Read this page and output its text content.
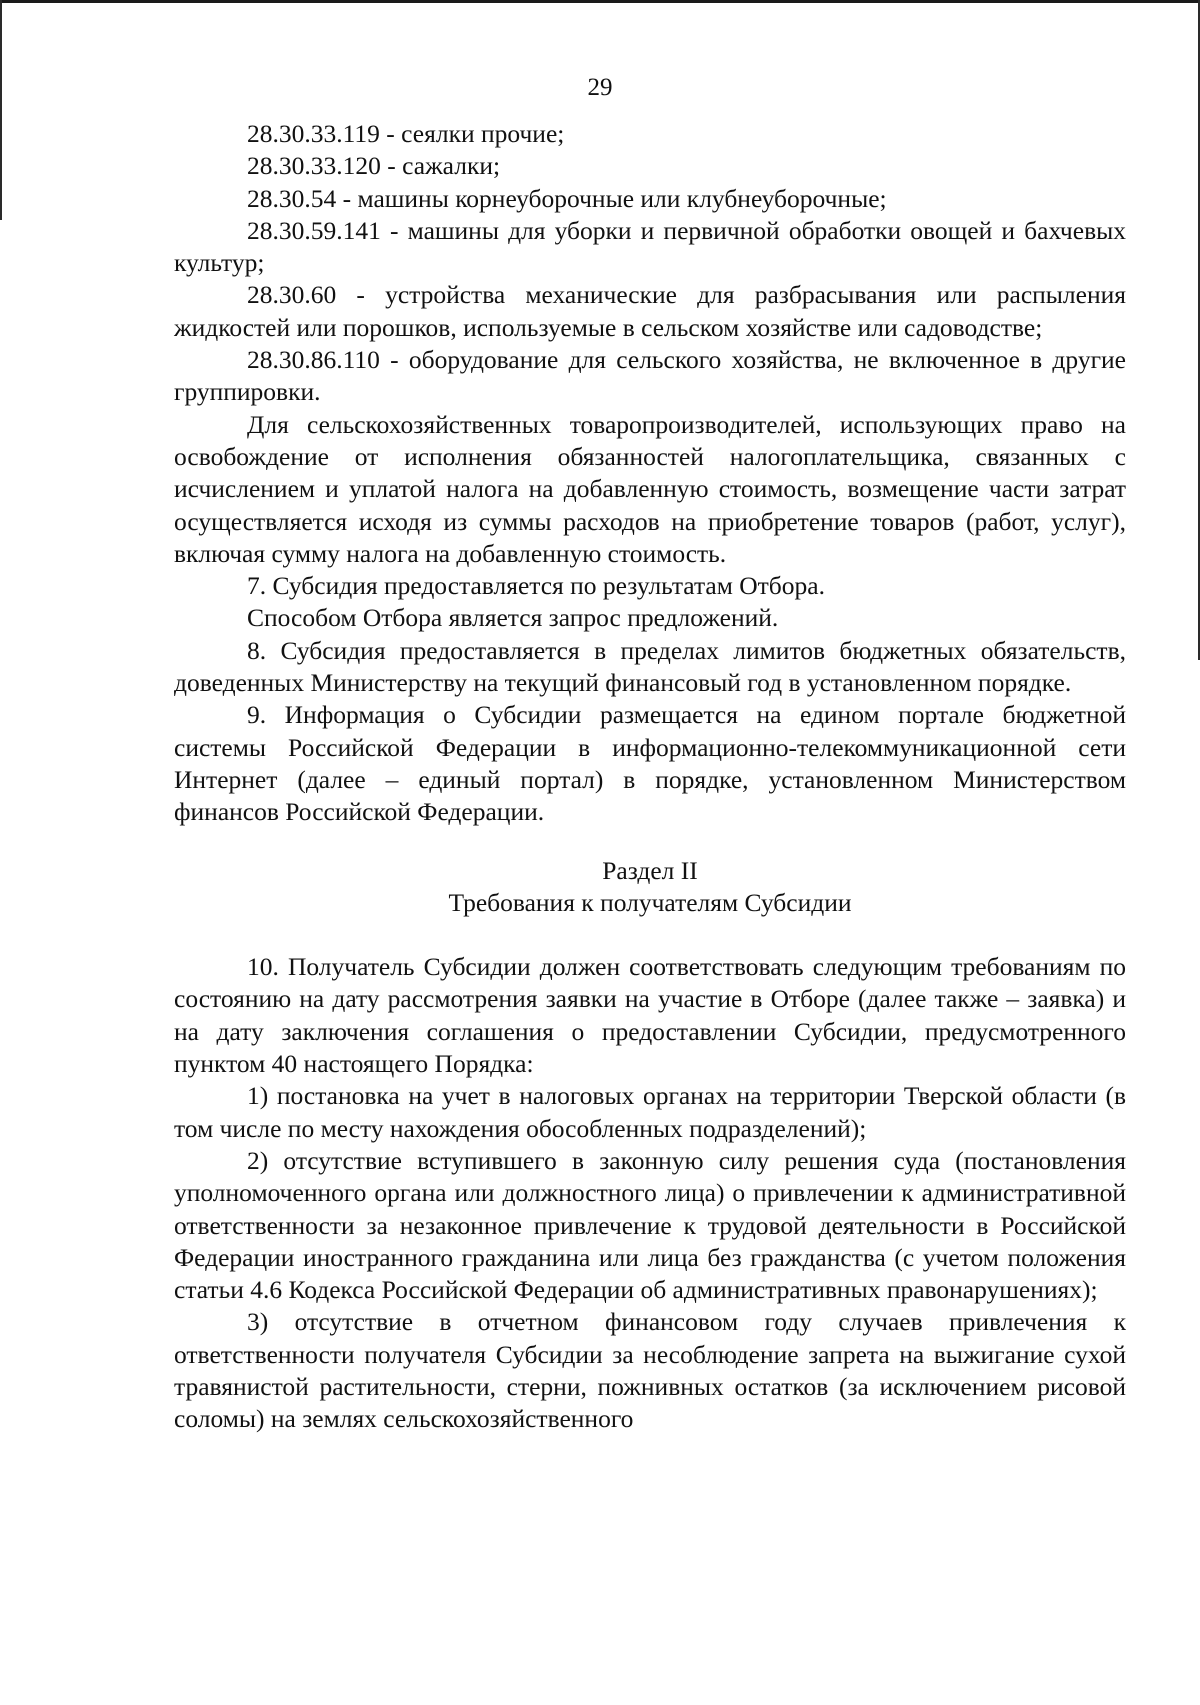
29

28.30.33.119 - сеялки прочие;

28.30.33.120 - сажалки;

28.30.54 - машины корнеуборочные или клубнеуборочные;

28.30.59.141 - машины для уборки и первичной обработки овощей и бахчевых культур;

28.30.60 - устройства механические для разбрасывания или распыления жидкостей или порошков, используемые в сельском хозяйстве или садоводстве;

28.30.86.110 - оборудование для сельского хозяйства, не включенное в другие группировки.

Для сельскохозяйственных товаропроизводителей, использующих право на освобождение от исполнения обязанностей налогоплательщика, связанных с исчислением и уплатой налога на добавленную стоимость, возмещение части затрат осуществляется исходя из суммы расходов на приобретение товаров (работ, услуг), включая сумму налога на добавленную стоимость.

7. Субсидия предоставляется по результатам Отбора.

Способом Отбора является запрос предложений.

8. Субсидия предоставляется в пределах лимитов бюджетных обязательств, доведенных Министерству на текущий финансовый год в установленном порядке.

9. Информация о Субсидии размещается на едином портале бюджетной системы Российской Федерации в информационно-телекоммуникационной сети Интернет (далее – единый портал) в порядке, установленном Министерством финансов Российской Федерации.

Раздел II

Требования к получателям Субсидии

10. Получатель Субсидии должен соответствовать следующим требованиям по состоянию на дату рассмотрения заявки на участие в Отборе (далее также – заявка) и на дату заключения соглашения о предоставлении Субсидии, предусмотренного пунктом 40 настоящего Порядка:

1) постановка на учет в налоговых органах на территории Тверской области (в том числе по месту нахождения обособленных подразделений);

2) отсутствие вступившего в законную силу решения суда (постановления уполномоченного органа или должностного лица) о привлечении к административной ответственности за незаконное привлечение к трудовой деятельности в Российской Федерации иностранного гражданина или лица без гражданства (с учетом положения статьи 4.6 Кодекса Российской Федерации об административных правонарушениях);

3) отсутствие в отчетном финансовом году случаев привлечения к ответственности получателя Субсидии за несоблюдение запрета на выжигание сухой травянистой растительности, стерни, пожнивных остатков (за исключением рисовой соломы) на землях сельскохозяйственного
